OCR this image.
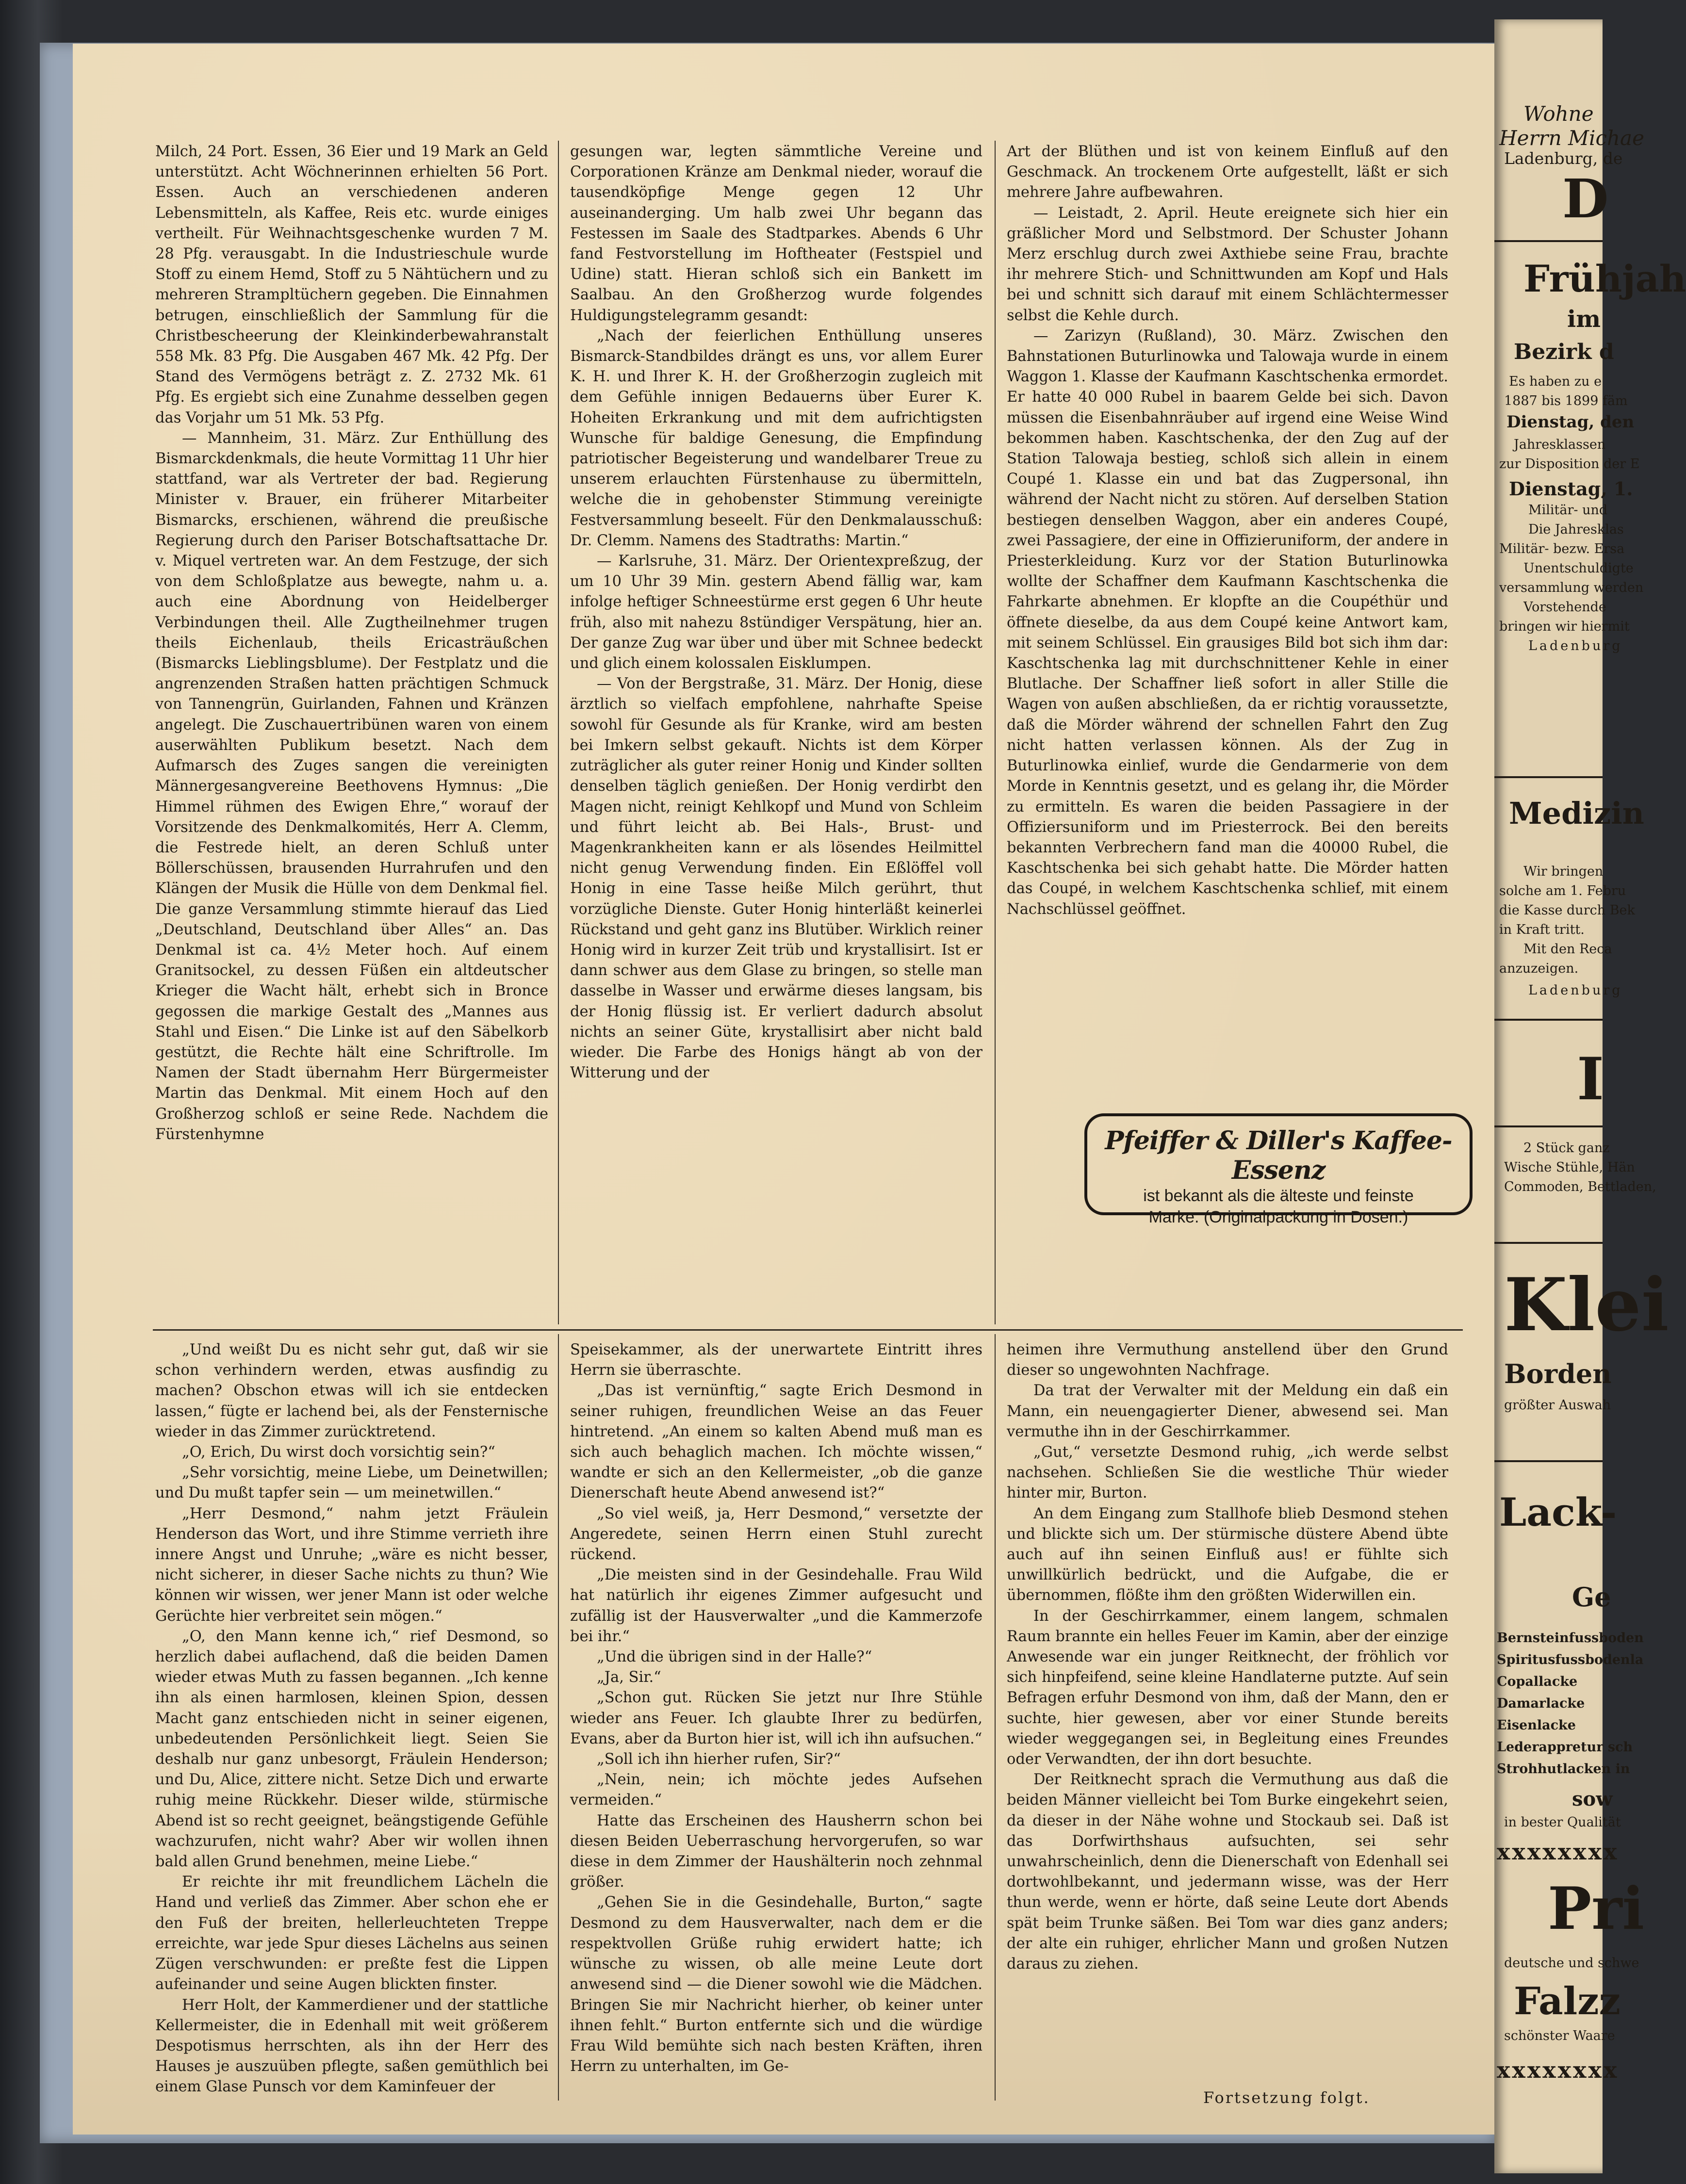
Milch, 24 Port. Essen, 36 Eier und 19 Mark an Geld unterstützt. Acht Wöchnerinnen erhielten 56 Port. Essen. Auch an verschiedenen anderen Lebensmitteln, als Kaffee, Reis etc. wurde einiges vertheilt. Für Weihnachtsgeschenke wurden 7 M. 28 Pfg. verausgabt. In die Industrieschule wurde Stoff zu einem Hemd, Stoff zu 5 Nähtüchern und zu mehreren Strampltüchern gegeben. Die Einnahmen betrugen, einschließlich der Sammlung für die Christbescheerung der Kleinkinderbewahranstalt 558 Mk. 83 Pfg. Die Ausgaben 467 Mk. 42 Pfg. Der Stand des Vermögens beträgt z. Z. 2732 Mk. 61 Pfg. Es ergiebt sich eine Zunahme desselben gegen das Vorjahr um 51 Mk. 53 Pfg.

— Mannheim, 31. März. Zur Enthüllung des Bismarckdenkmals, die heute Vormittag 11 Uhr hier stattfand, war als Vertreter der bad. Regierung Minister v. Brauer, ein früherer Mitarbeiter Bismarcks, erschienen, während die preußische Regierung durch den Pariser Botschaftsattache Dr. v. Miquel vertreten war. An dem Festzuge, der sich von dem Schloßplatze aus bewegte, nahm u. a. auch eine Abordnung von Heidelberger Verbindungen theil. Alle Zugtheilnehmer trugen theils Eichenlaub, theils Ericasträußchen (Bismarcks Lieblingsblume). Der Festplatz und die angrenzenden Straßen hatten prächtigen Schmuck von Tannengrün, Guirlanden, Fahnen und Kränzen angelegt. Die Zuschauertribünen waren von einem auserwählten Publikum besetzt. Nach dem Aufmarsch des Zuges sangen die vereinigten Männergesangvereine Beethovens Hymnus: „Die Himmel rühmen des Ewigen Ehre,“ worauf der Vorsitzende des Denkmalkomités, Herr A. Clemm, die Festrede hielt, an deren Schluß unter Böllerschüssen, brausenden Hurrahrufen und den Klängen der Musik die Hülle von dem Denkmal fiel. Die ganze Versammlung stimmte hierauf das Lied „Deutschland, Deutschland über Alles“ an. Das Denkmal ist ca. 4½ Meter hoch. Auf einem Granitsockel, zu dessen Füßen ein altdeutscher Krieger die Wacht hält, erhebt sich in Bronce gegossen die markige Gestalt des „Mannes aus Stahl und Eisen.“ Die Linke ist auf den Säbelkorb gestützt, die Rechte hält eine Schriftrolle. Im Namen der Stadt übernahm Herr Bürgermeister Martin das Denkmal. Mit einem Hoch auf den Großherzog schloß er seine Rede. Nachdem die Fürstenhymne

gesungen war, legten sämmtliche Vereine und Corporationen Kränze am Denkmal nieder, worauf die tausendköpfige Menge gegen 12 Uhr auseinanderging. Um halb zwei Uhr begann das Festessen im Saale des Stadtparkes. Abends 6 Uhr fand Festvorstellung im Hoftheater (Festspiel und Udine) statt. Hieran schloß sich ein Bankett im Saalbau. An den Großherzog wurde folgendes Huldigungstelegramm gesandt:

„Nach der feierlichen Enthüllung unseres Bismarck-Standbildes drängt es uns, vor allem Eurer K. H. und Ihrer K. H. der Großherzogin zugleich mit dem Gefühle innigen Bedauerns über Eurer K. Hoheiten Erkrankung und mit dem aufrichtigsten Wunsche für baldige Genesung, die Empfindung patriotischer Begeisterung und wandelbarer Treue zu unserem erlauchten Fürstenhause zu übermitteln, welche die in gehobenster Stimmung vereinigte Festversammlung beseelt. Für den Denkmalausschuß: Dr. Clemm. Namens des Stadtraths: Martin.“

— Karlsruhe, 31. März. Der Orientexpreßzug, der um 10 Uhr 39 Min. gestern Abend fällig war, kam infolge heftiger Schneestürme erst gegen 6 Uhr heute früh, also mit nahezu 8stündiger Verspätung, hier an. Der ganze Zug war über und über mit Schnee bedeckt und glich einem kolossalen Eisklumpen.

— Von der Bergstraße, 31. März. Der Honig, diese ärztlich so vielfach empfohlene, nahrhafte Speise sowohl für Gesunde als für Kranke, wird am besten bei Imkern selbst gekauft. Nichts ist dem Körper zuträglicher als guter reiner Honig und Kinder sollten denselben täglich genießen. Der Honig verdirbt den Magen nicht, reinigt Kehlkopf und Mund von Schleim und führt leicht ab. Bei Hals-, Brust- und Magenkrankheiten kann er als lösendes Heilmittel nicht genug Verwendung finden. Ein Eßlöffel voll Honig in eine Tasse heiße Milch gerührt, thut vorzügliche Dienste. Guter Honig hinterläßt keinerlei Rückstand und geht ganz ins Blutüber. Wirklich reiner Honig wird in kurzer Zeit trüb und krystallisirt. Ist er dann schwer aus dem Glase zu bringen, so stelle man dasselbe in Wasser und erwärme dieses langsam, bis der Honig flüssig ist. Er verliert dadurch absolut nichts an seiner Güte, krystallisirt aber nicht bald wieder. Die Farbe des Honigs hängt ab von der Witterung und der

Art der Blüthen und ist von keinem Einfluß auf den Geschmack. An trockenem Orte aufgestellt, läßt er sich mehrere Jahre aufbewahren.

— Leistadt, 2. April. Heute ereignete sich hier ein gräßlicher Mord und Selbstmord. Der Schuster Johann Merz erschlug durch zwei Axthiebe seine Frau, brachte ihr mehrere Stich- und Schnittwunden am Kopf und Hals bei und schnitt sich darauf mit einem Schlächtermesser selbst die Kehle durch.

— Zarizyn (Rußland), 30. März. Zwischen den Bahnstationen Buturlinowka und Talowaja wurde in einem Waggon 1. Klasse der Kaufmann Kaschtschenka ermordet. Er hatte 40 000 Rubel in baarem Gelde bei sich. Davon müssen die Eisenbahnräuber auf irgend eine Weise Wind bekommen haben. Kaschtschenka, der den Zug auf der Station Talowaja bestieg, schloß sich allein in einem Coupé 1. Klasse ein und bat das Zugpersonal, ihn während der Nacht nicht zu stören. Auf derselben Station bestiegen denselben Waggon, aber ein anderes Coupé, zwei Passagiere, der eine in Offizieruniform, der andere in Priesterkleidung. Kurz vor der Station Buturlinowka wollte der Schaffner dem Kaufmann Kaschtschenka die Fahrkarte abnehmen. Er klopfte an die Coupéthür und öffnete dieselbe, da aus dem Coupé keine Antwort kam, mit seinem Schlüssel. Ein grausiges Bild bot sich ihm dar: Kaschtschenka lag mit durchschnittener Kehle in einer Blutlache. Der Schaffner ließ sofort in aller Stille die Wagen von außen abschließen, da er richtig voraussetzte, daß die Mörder während der schnellen Fahrt den Zug nicht hatten verlassen können. Als der Zug in Buturlinowka einlief, wurde die Gendarmerie von dem Morde in Kenntnis gesetzt, und es gelang ihr, die Mörder zu ermitteln. Es waren die beiden Passagiere in der Offiziersuniform und im Priesterrock. Bei den bereits bekannten Verbrechern fand man die 40000 Rubel, die Kaschtschenka bei sich gehabt hatte. Die Mörder hatten das Coupé, in welchem Kaschtschenka schlief, mit einem Nachschlüssel geöffnet.

Pfeiffer & Diller's Kaffee-Essenz
ist bekannt als die älteste und feinste
Marke. (Originalpackung in Dosen.)

„Und weißt Du es nicht sehr gut, daß wir sie schon verhindern werden, etwas ausfindig zu machen? Obschon etwas will ich sie entdecken lassen,“ fügte er lachend bei, als der Fensternische wieder in das Zimmer zurücktretend.

„O, Erich, Du wirst doch vorsichtig sein?“

„Sehr vorsichtig, meine Liebe, um Deinetwillen; und Du mußt tapfer sein — um meinetwillen.“

„Herr Desmond,“ nahm jetzt Fräulein Henderson das Wort, und ihre Stimme verrieth ihre innere Angst und Unruhe; „wäre es nicht besser, nicht sicherer, in dieser Sache nichts zu thun? Wie können wir wissen, wer jener Mann ist oder welche Gerüchte hier verbreitet sein mögen.“

„O, den Mann kenne ich,“ rief Desmond, so herzlich dabei auflachend, daß die beiden Damen wieder etwas Muth zu fassen begannen. „Ich kenne ihn als einen harmlosen, kleinen Spion, dessen Macht ganz entschieden nicht in seiner eigenen, unbedeutenden Persönlichkeit liegt. Seien Sie deshalb nur ganz unbesorgt, Fräulein Henderson; und Du, Alice, zittere nicht. Setze Dich und erwarte ruhig meine Rückkehr. Dieser wilde, stürmische Abend ist so recht geeignet, beängstigende Gefühle wachzurufen, nicht wahr? Aber wir wollen ihnen bald allen Grund benehmen, meine Liebe.“

Er reichte ihr mit freundlichem Lächeln die Hand und verließ das Zimmer. Aber schon ehe er den Fuß der breiten, hellerleuchteten Treppe erreichte, war jede Spur dieses Lächelns aus seinen Zügen verschwunden: er preßte fest die Lippen aufeinander und seine Augen blickten finster.

Herr Holt, der Kammerdiener und der stattliche Kellermeister, die in Edenhall mit weit größerem Despotismus herrschten, als ihn der Herr des Hauses je auszuüben pflegte, saßen gemüthlich bei einem Glase Punsch vor dem Kaminfeuer der

Speisekammer, als der unerwartete Eintritt ihres Herrn sie überraschte.

„Das ist vernünftig,“ sagte Erich Desmond in seiner ruhigen, freundlichen Weise an das Feuer hintretend. „An einem so kalten Abend muß man es sich auch behaglich machen. Ich möchte wissen,“ wandte er sich an den Kellermeister, „ob die ganze Dienerschaft heute Abend anwesend ist?“

„So viel weiß, ja, Herr Desmond,“ versetzte der Angeredete, seinen Herrn einen Stuhl zurecht rückend.

„Die meisten sind in der Gesindehalle. Frau Wild hat natürlich ihr eigenes Zimmer aufgesucht und zufällig ist der Hausverwalter „und die Kammerzofe bei ihr.“

„Und die übrigen sind in der Halle?“

„Ja, Sir.“

„Schon gut. Rücken Sie jetzt nur Ihre Stühle wieder ans Feuer. Ich glaubte Ihrer zu bedürfen, Evans, aber da Burton hier ist, will ich ihn aufsuchen.“

„Soll ich ihn hierher rufen, Sir?“

„Nein, nein; ich möchte jedes Aufsehen vermeiden.“

Hatte das Erscheinen des Hausherrn schon bei diesen Beiden Ueberraschung hervorgerufen, so war diese in dem Zimmer der Haushälterin noch zehnmal größer.

„Gehen Sie in die Gesindehalle, Burton,“ sagte Desmond zu dem Hausverwalter, nach dem er die respektvollen Grüße ruhig erwidert hatte; ich wünsche zu wissen, ob alle meine Leute dort anwesend sind — die Diener sowohl wie die Mädchen. Bringen Sie mir Nachricht hierher, ob keiner unter ihnen fehlt.“ Burton entfernte sich und die würdige Frau Wild bemühte sich nach besten Kräften, ihren Herrn zu unterhalten, im Ge-

heimen ihre Vermuthung anstellend über den Grund dieser so ungewohnten Nachfrage.

Da trat der Verwalter mit der Meldung ein daß ein Mann, ein neuengagierter Diener, abwesend sei. Man vermuthe ihn in der Geschirrkammer.

„Gut,“ versetzte Desmond ruhig, „ich werde selbst nachsehen. Schließen Sie die westliche Thür wieder hinter mir, Burton.

An dem Eingang zum Stallhofe blieb Desmond stehen und blickte sich um. Der stürmische düstere Abend übte auch auf ihn seinen Einfluß aus! er fühlte sich unwillkürlich bedrückt, und die Aufgabe, die er übernommen, flößte ihm den größten Widerwillen ein.

In der Geschirrkammer, einem langem, schmalen Raum brannte ein helles Feuer im Kamin, aber der einzige Anwesende war ein junger Reitknecht, der fröhlich vor sich hinpfeifend, seine kleine Handlaterne putzte. Auf sein Befragen erfuhr Desmond von ihm, daß der Mann, den er suchte, hier gewesen, aber vor einer Stunde bereits wieder weggegangen sei, in Begleitung eines Freundes oder Verwandten, der ihn dort besuchte.

Der Reitknecht sprach die Vermuthung aus daß die beiden Männer vielleicht bei Tom Burke eingekehrt seien, da dieser in der Nähe wohne und Stockaub sei. Daß ist das Dorfwirthshaus aufsuchten, sei sehr unwahrscheinlich, denn die Dienerschaft von Edenhall sei dortwohlbekannt, und jedermann wisse, was der Herr thun werde, wenn er hörte, daß seine Leute dort Abends spät beim Trunke säßen. Bei Tom war dies ganz anders; der alte ein ruhiger, ehrlicher Mann und großen Nutzen daraus zu ziehen.

Fortsetzung folgt.
Wohne
Herrn Michae
Ladenburg, de
D
Frühjah
im
Bezirk d
Es haben zu e
1887 bis 1899 fäm
Dienstag, den
Jahresklassen
zur Disposition der E
Dienstag, 1.
Militär- und
Die Jahresklas
Militär- bezw. Ersa
Unentschuldigte
versammlung werden
Vorstehende
bringen wir hiermit
Ladenburg
Medizin
Wir bringen
solche am 1. Febru
die Kasse durch Bek
in Kraft tritt.
Mit den Reca
anzuzeigen.
Ladenburg
I
2 Stück ganz
Wische Stühle, Hän
Commoden, Bettladen,
Klei
Borden
größter Auswah
Lack-
Ge
Bernsteinfussboden
Spiritusfussbodenla
Copallacke
Damarlacke
Eisenlacke
Lederappretur sch
Strohhutlacken in
sow
in bester Qualität
xxxxxxxx
Pri
deutsche und schwe
Falzz
schönster Waare
xxxxxxxx
